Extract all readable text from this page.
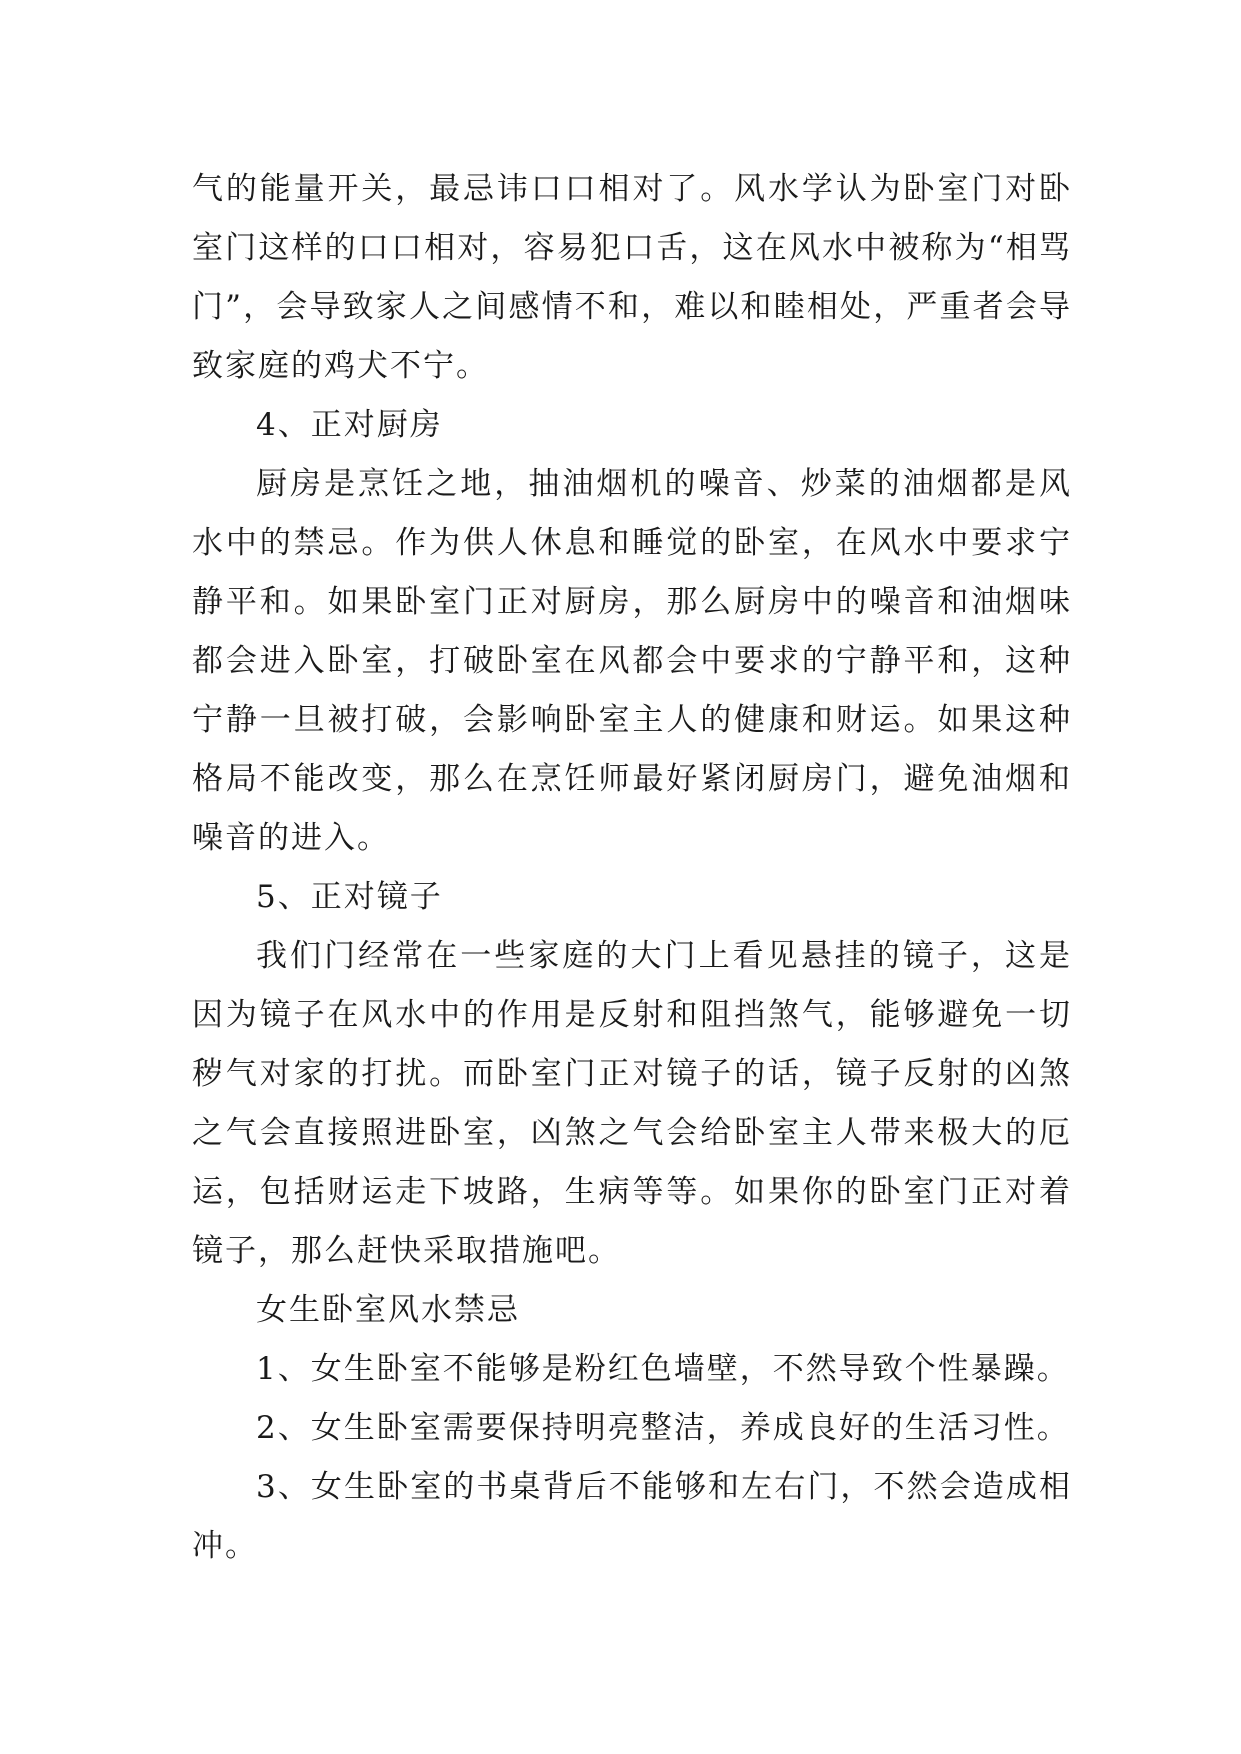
气的能量开关，最忌讳口口相对了。风水学认为卧室门对卧室门这样的口口相对，容易犯口舌，这在风水中被称为“相骂门”，会导致家人之间感情不和，难以和睦相处，严重者会导致家庭的鸡犬不宁。

4、正对厨房

厨房是烹饪之地，抽油烟机的噪音、炒菜的油烟都是风水中的禁忌。作为供人休息和睡觉的卧室，在风水中要求宁静平和。如果卧室门正对厨房，那么厨房中的噪音和油烟味都会进入卧室，打破卧室在风都会中要求的宁静平和，这种宁静一旦被打破，会影响卧室主人的健康和财运。如果这种格局不能改变，那么在烹饪师最好紧闭厨房门，避免油烟和噪音的进入。

5、正对镜子

我们门经常在一些家庭的大门上看见悬挂的镜子，这是因为镜子在风水中的作用是反射和阻挡煞气，能够避免一切秽气对家的打扰。而卧室门正对镜子的话，镜子反射的凶煞之气会直接照进卧室，凶煞之气会给卧室主人带来极大的厄运，包括财运走下坡路，生病等等。如果你的卧室门正对着镜子，那么赶快采取措施吧。

女生卧室风水禁忌

1、女生卧室不能够是粉红色墙壁，不然导致个性暴躁。

2、女生卧室需要保持明亮整洁，养成良好的生活习性。

3、女生卧室的书桌背后不能够和左右门，不然会造成相冲。
